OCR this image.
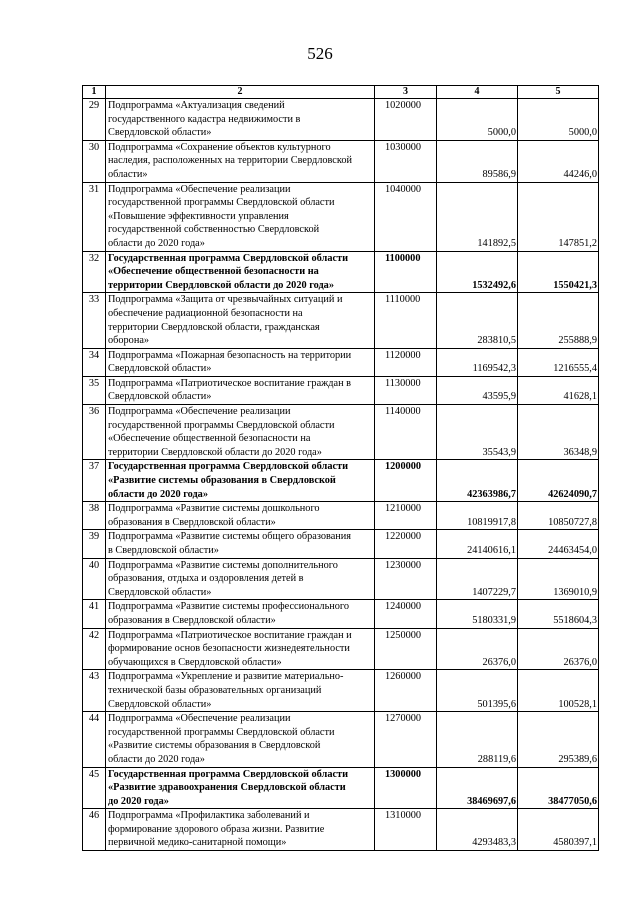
526
1	2	3	4	5
29	Подпрограмма «Актуализация сведений
государственного кадастра недвижимости в
Свердловской области»	1020000	5000,0	5000,0
30	Подпрограмма «Сохранение объектов культурного
наследия, расположенных на территории Свердловской
области»	1030000	89586,9	44246,0
31	Подпрограмма «Обеспечение реализации
государственной программы Свердловской области
«Повышение эффективности управления
государственной собственностью Свердловской
области до 2020 года»	1040000	141892,5	147851,2
32	Государственная программа Свердловской области
«Обеспечение общественной безопасности на
территории Свердловской области до 2020 года»	1100000	1532492,6	1550421,3
33	Подпрограмма «Защита от чрезвычайных ситуаций и
обеспечение радиационной безопасности на
территории Свердловской области, гражданская
оборона»	1110000	283810,5	255888,9
34	Подпрограмма «Пожарная безопасность на территории
Свердловской области»	1120000	1169542,3	1216555,4
35	Подпрограмма «Патриотическое воспитание граждан в
Свердловской области»	1130000	43595,9	41628,1
36	Подпрограмма «Обеспечение реализации
государственной программы Свердловской области
«Обеспечение общественной безопасности на
территории Свердловской области до 2020 года»	1140000	35543,9	36348,9
37	Государственная программа Свердловской области
«Развитие системы образования в Свердловской
области до 2020 года»	1200000	42363986,7	42624090,7
38	Подпрограмма «Развитие системы дошкольного
образования в Свердловской области»	1210000	10819917,8	10850727,8
39	Подпрограмма «Развитие системы общего образования
в Свердловской области»	1220000	24140616,1	24463454,0
40	Подпрограмма «Развитие системы дополнительного
образования, отдыха и оздоровления детей в
Свердловской области»	1230000	1407229,7	1369010,9
41	Подпрограмма «Развитие системы профессионального
образования в Свердловской области»	1240000	5180331,9	5518604,3
42	Подпрограмма «Патриотическое воспитание граждан и
формирование основ безопасности жизнедеятельности
обучающихся в Свердловской области»	1250000	26376,0	26376,0
43	Подпрограмма «Укрепление и развитие материально-
технической базы образовательных организаций
Свердловской области»	1260000	501395,6	100528,1
44	Подпрограмма «Обеспечение реализации
государственной программы Свердловской области
«Развитие системы образования в Свердловской
области до 2020 года»	1270000	288119,6	295389,6
45	Государственная программа Свердловской области
«Развитие здравоохранения Свердловской области
до 2020 года»	1300000	38469697,6	38477050,6
46	Подпрограмма «Профилактика заболеваний и
формирование здорового образа жизни. Развитие
первичной медико-санитарной помощи»	1310000	4293483,3	4580397,1
